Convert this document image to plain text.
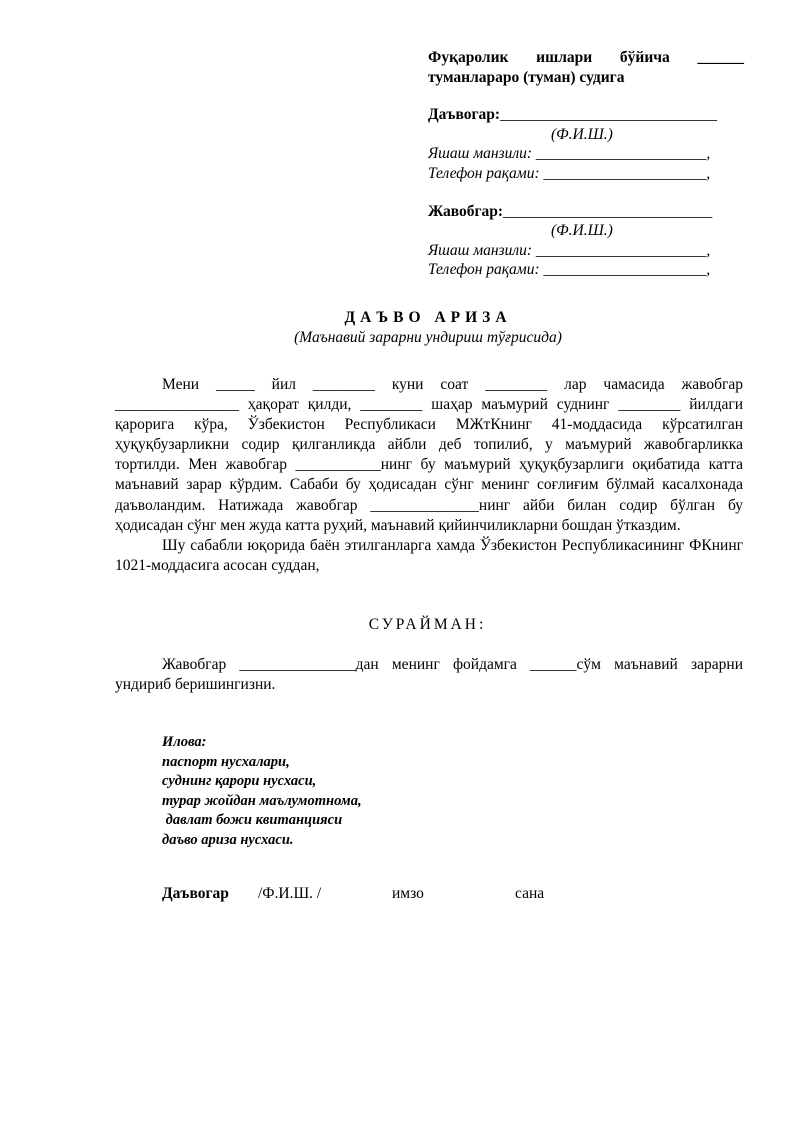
Фуқаролик ишлари бўйича ______
туманлараро (туман) судига
Даъвогар:____________________________
(Ф.И.Ш.)
Яшаш манзили: ______________________,
Телефон рақами: _____________________,
Жавобгар:___________________________
(Ф.И.Ш.)
Яшаш манзили: ______________________,
Телефон рақами: _____________________,
ДАЪВО АРИЗА
(Маънавий зарарни ундириш тўғрисида)

Мени _____ йил ________ куни соат ________ лар чамасида жавобгар ________________ ҳақорат қилди, ________ шаҳар маъмурий суднинг ________ йилдаги қарорига кўра, Ўзбекистон Республикаси МЖтКнинг 41-моддасида кўрсатилган ҳуқуқбузарликни содир қилганликда айбли деб топилиб, у маъмурий жавобгарликка тортилди. Мен жавобгар ___________нинг бу маъмурий ҳуқуқбузарлиги оқибатида катта маънавий зарар кўрдим. Сабаби бу ҳодисадан сўнг менинг соғлиғим бўлмай касалхонада даъволандим. Натижада жавобгар ______________нинг айби билан содир бўлган бу ҳодисадан сўнг мен жуда катта руҳий, маънавий қийинчиликларни бошдан ўтказдим.

Шу сабабли юқорида баён этилганларга хамда Ўзбекистон Республикасининг ФКнинг 1021-моддасига асосан суддан,

СУРАЙМАН:

Жавобгар _______________дан менинг фойдамга ______сўм маънавий зарарни ундириб беришингизни.

Илова:
паспорт нусхалари,
суднинг қарори нусхаси,
турар жойдан маълумотнома,
давлат божи квитанцияси
даъво ариза нусхаси.
Даъвогар /Ф.И.Ш. /	имзо	сана
